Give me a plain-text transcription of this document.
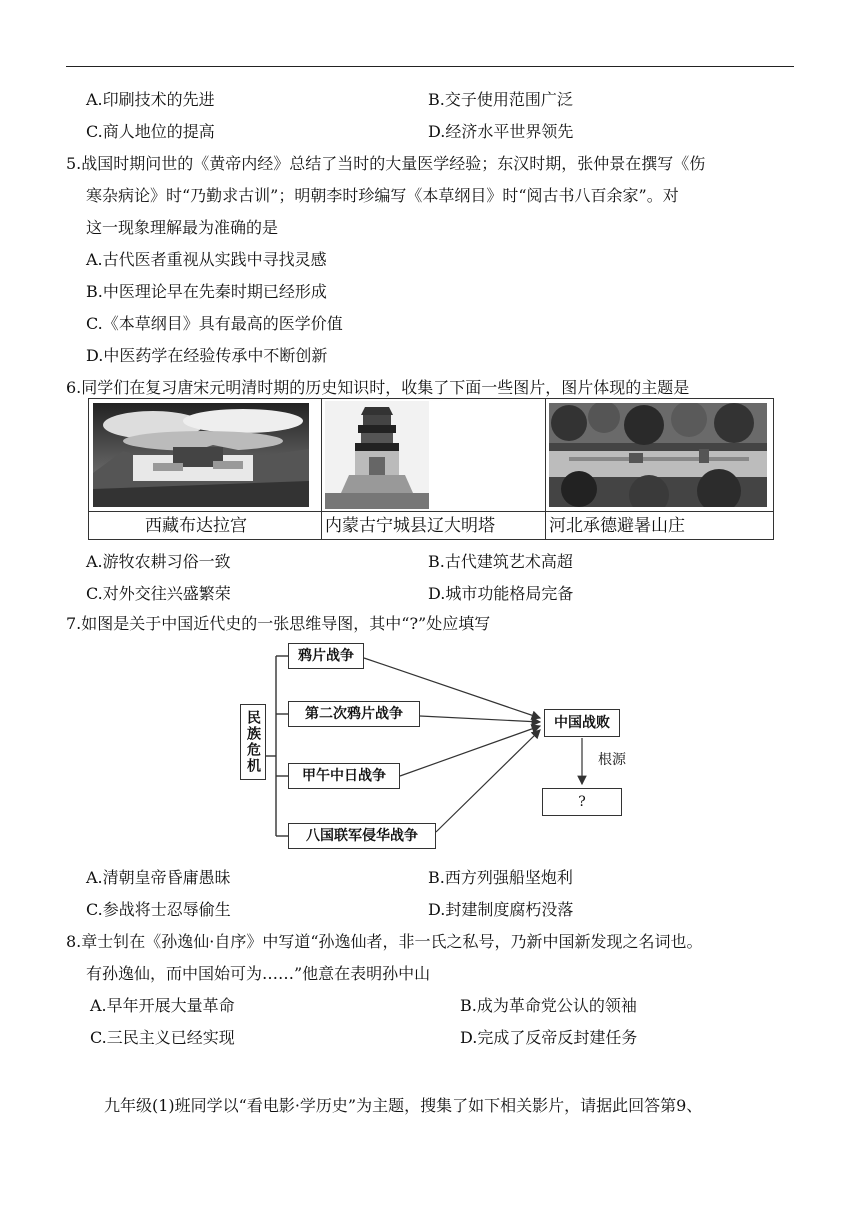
A.印刷技术的先进	B.交子使用范围广泛
C.商人地位的提高	D.经济水平世界领先
5.战国时期问世的《黄帝内经》总结了当时的大量医学经验；东汉时期，张仲景在撰写《伤
寒杂病论》时“乃勤求古训”；明朝李时珍编写《本草纲目》时“阅古书八百余家”。对
这一现象理解最为准确的是
A.古代医者重视从实践中寻找灵感
B.中医理论早在先秦时期已经形成
C.《本草纲目》具有最高的医学价值
D.中医药学在经验传承中不断创新
6.同学们在复习唐宋元明清时期的历史知识时，收集了下面一些图片，图片体现的主题是
西藏布达拉宫	内蒙古宁城县辽大明塔	河北承德避暑山庄
A.游牧农耕习俗一致	B.古代建筑艺术高超
C.对外交往兴盛繁荣	D.城市功能格局完备
7.如图是关于中国近代史的一张思维导图，其中“?”处应填写
民族危机
鸦片战争
第二次鸦片战争
甲午中日战争
八国联军侵华战争
中国战败
根源
?
A.清朝皇帝昏庸愚昧	B.西方列强船坚炮利
C.参战将士忍辱偷生	D.封建制度腐朽没落
8.章士钊在《孙逸仙·自序》中写道“孙逸仙者，非一氏之私号，乃新中国新发现之名词也。
有孙逸仙，而中国始可为……”他意在表明孙中山
A.早年开展大量革命	B.成为革命党公认的领袖
C.三民主义已经实现	D.完成了反帝反封建任务
九年级(1)班同学以“看电影·学历史”为主题，搜集了如下相关影片，请据此回答第9、
